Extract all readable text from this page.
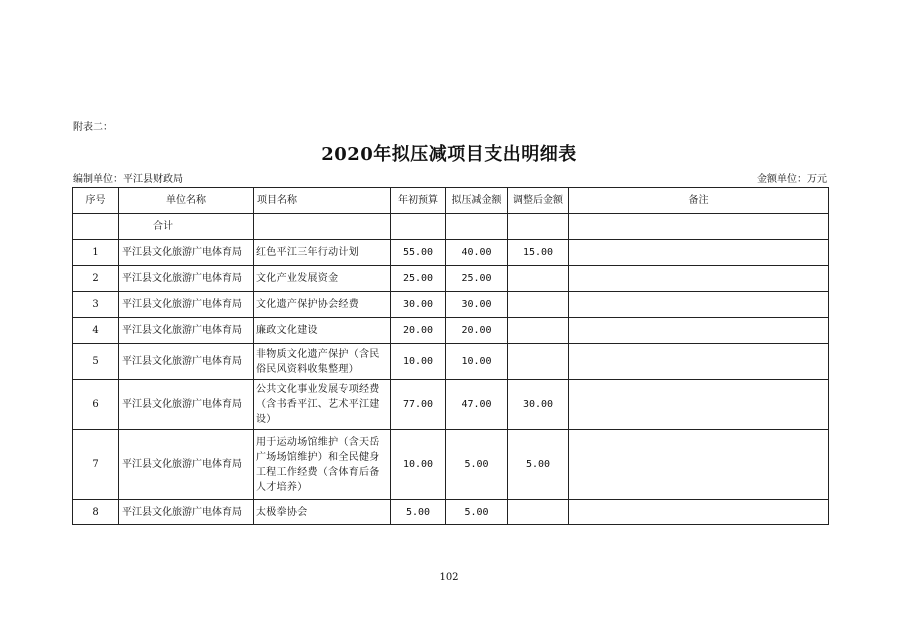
附表二：
2020年拟压减项目支出明细表
编制单位：平江县财政局	金额单位：万元
序号	单位名称	项目名称	年初预算	拟压减金额	调整后金额	备注
	合计					
1	平江县文化旅游广电体育局	红色平江三年行动计划	55.00	40.00	15.00	
2	平江县文化旅游广电体育局	文化产业发展资金	25.00	25.00		
3	平江县文化旅游广电体育局	文化遗产保护协会经费	30.00	30.00		
4	平江县文化旅游广电体育局	廉政文化建设	20.00	20.00		
5	平江县文化旅游广电体育局	非物质文化遗产保护（含民俗民风资料收集整理）	10.00	10.00		
6	平江县文化旅游广电体育局	公共文化事业发展专项经费（含书香平江、艺术平江建设）	77.00	47.00	30.00	
7	平江县文化旅游广电体育局	用于运动场馆维护（含天岳广场场馆维护）和全民健身工程工作经费（含体育后备人才培养）	10.00	5.00	5.00	
8	平江县文化旅游广电体育局	太极拳协会	5.00	5.00		
102
